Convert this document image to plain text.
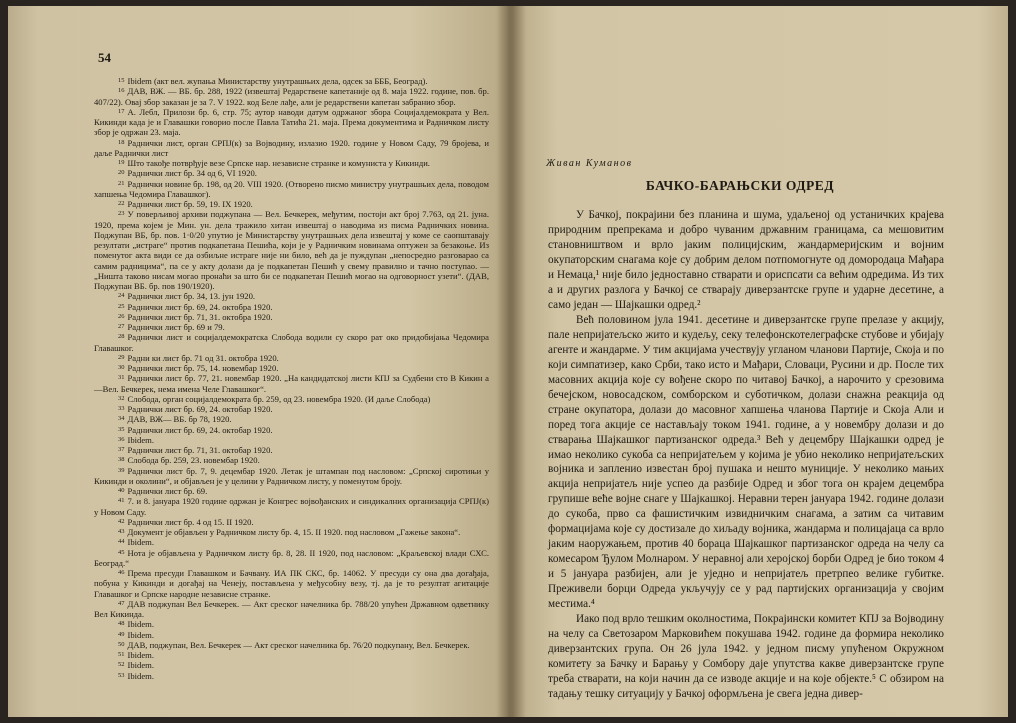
54

$^{15}$ Ibidem (акт вел. жупања Министарству унутрашњих дела, одсек за БББ, Београд).

$^{16}$ ДАВ, ВЖ. — ВБ. бр. 288, 1922 (извештај Редарствене капетаније од 8. маја 1922. године, пов. бр. 407/22). Овај збор заказан је за 7. V 1922. код Беле лађе, али је редарствени капетан забранио збор.

$^{17}$ А. Лебл, Прилози бр. 6, стр. 75; аутор наводи датум одржаног збора Социјалдемократа у Вел. Кикинди када је и Главашки говорио после Павла Татића 21. маја. Према документима и Радничком листу збор је одржан 23. маја.

$^{18}$ Раднички лист, орган СРПЈ(к) за Војводину, излазио 1920. године у Новом Саду, 79 бројева, и даље Раднички лист

$^{19}$ Што такође потврђује везе Српске нар. независне странке и комуниста у Кикинди.

$^{20}$ Раднички лист бр. 34 од 6, VI 1920.

$^{21}$ Раднички новине бр. 198, од 20. VIII 1920. (Отворено писмо министру унутрашњих дела, поводом хапшења Чедомира Главашког).

$^{22}$ Раднички лист бр. 59, 19. IX 1920.

$^{23}$ У поверљивој архиви поджупана — Вел. Бечкерек, међутим, постоји акт број 7.763, од 21. јуна. 1920, према којем је Мин. ун. дела тражило хитан извештај о наводима из писма Радничких новина. Поджупан ВБ, бр. пов. 1·0/20 упутио је Министарству унутрашњих дела извештај у коме се саопштавају резултати „истраге“ против подкапетана Пешића, који је у Радничким новинама оптужен за безакоње. Из поменутог акта види се да озбиљне истраге није ни било, већ да је пуждупан „непосредно разговарао са самим радницима“, па се у акту долази да је подкапетан Пешић у свему правилно и тачно поступао. — „Ништа таково нисам могао пронаћи за што би се подкапетан Пешић могао на одговорност узети“. (ДАВ, Поджупан ВБ. бр. пов 190/1920).

$^{24}$ Раднички лист бр. 34, 13. јун 1920.

$^{25}$ Раднички лист бр. 69, 24. октобра 1920.

$^{26}$ Раднички лист бр. 71, 31. октобра 1920.

$^{27}$ Раднички лист бр. 69 и 79.

$^{28}$ Раднички лист и социјалдемократска Слобода водили су скоро рат око придобијања Чедомира Главашког.

$^{29}$ Радни ки лист бр. 71 од 31. октобра 1920.

$^{30}$ Раднички лист бр. 75, 14. новембар 1920.

$^{31}$ Раднички лист бр. 77, 21. новембар 1920. „На кандидатској листи КПЈ за Судбени сто В Кикин а—Вел. Бечкерек, нема имена Челе Главашког“.

$^{32}$ Слобода, орган социјалдемократа бр. 259, од 23. новембра 1920. (И даље Слобода)

$^{33}$ Раднички лист бр. 69, 24. октобар 1920.

$^{34}$ ДАВ, ВЖ— ВБ. бр 78, 1920.

$^{35}$ Раднички лист бр. 69, 24. октобар 1920.

$^{36}$ Ibidem.

$^{37}$ Раднички лист бр. 71, 31. октобар 1920.

$^{38}$ Слобода бр. 259, 23. новембар 1920.

$^{39}$ Раднички лист бр. 7, 9. децембар 1920. Летак је штампан под насловом: „Српској сиротињи у Кикинди и околини“, и објављен је у целини у Радничком листу, у поменутом броју.

$^{40}$ Раднички лист бр. 69.

$^{41}$ 7. и 8. јануара 1920 године одржан је Конгрес војвођанских и синдикалних организација СРПЈ(к) у Новом Саду.

$^{42}$ Раднички лист бр. 4 од 15. II 1920.

$^{43}$ Документ је објављен у Радничком листу бр. 4, 15. II 1920. под насловом „Гажење закона“.

$^{44}$ Ibidem.

$^{45}$ Нота је објављена у Радничком листу бр. 8, 28. II 1920, под насловом: „Краљевској влади СХС. Београд.“

$^{46}$ Према пресуди Главашком и Бачвану. ИА ПК СКС, бр. 14062. У пресуди су она два догађаја, побуна у Кикинди и догађај на Ченеју, постављена у међусобну везу, тј. да је то резултат агитације Главашког и Српске народне независне странке.

$^{47}$ ДАВ поджупан Вел Бечкерек. — Акт среског начелника бр. 788/20 упућен Државном одветнику Вел Кикинда.

$^{48}$ Ibidem.

$^{49}$ Ibidem.

$^{50}$ ДАВ, поджупан, Вел. Бечкерек — Акт среског начелника бр. 76/20 подкупану, Вел. Бечкерек.

$^{51}$ Ibidem.

$^{52}$ Ibidem.

$^{53}$ Ibidem.

Живан Куманов
БАЧКО-БАРАЊСКИ ОДРЕД

У Бачкој, покрајини без планина и шума, удаљеној од устаничких крајева природним препрекама и добро чуваним државним границама, са мешовитим становништвом и врло јаким полицијским, жандармеријским и војним окупаторским снагама које су добрим делом потпомогнуте од домородаца Мађара и Немаца,¹ није било једноставно стварати и ориспсати са већим одредима. Из тих а и других разлога у Бачкој се стварају диверзантске групе и ударне десетине, а само један — Шајкашки одред.²

Већ половином јула 1941. десетине и диверзантске групе прелазе у акцију, пале непријатељско жито и кудељу, секу телефонскотелеграфске стубове и убијају агенте и жандарме. У тим акцијама учествују угланом чланови Партије, Скоја и по који симпатизер, како Срби, тако исто и Мађари, Словаци, Русини и др. После тих масовних акција које су вођене скоро по читавој Бачкој, а нарочито у срезовима бечејском, новосадском, сомборском и суботичком, долази снажна реакција од стране окупатора, долази до масовног хапшења чланова Партије и Скоја Али и поред тога акције се настављају током 1941. године, а у новембру долази и до стварања Шајкашког партизанског одреда.³ Већ у децембру Шајкашки одред је имао неколико сукоба са непријатељем у којима је убио неколико непријатељских војника и запленио известан број пушака и нешто муниције. У неколико мањих акција непријатељ није успео да разбије Одред и због тога он крајем децембра групише веће војне снаге у Шајкашкој. Неравни терен јануара 1942. године долази до сукоба, прво са фашистичким извидничким снагама, а затим са читавим формацијама које су достизале до хиљаду војника, жандарма и полицајаца са врло јаким наоружањем, против 40 бораца Шајкашког партизанског одреда на челу са комесаром Ђулом Молнаром. У неравној али херојској борби Одред је био током 4 и 5 јануара разбијен, али је уједно и непријатељ претрпео велике губитке. Преживели борци Одреда укључују се у рад партијских организација у својим местима.⁴

Иако под врло тешким околностима, Покрајински комитет КПЈ за Војводину на челу са Светозаром Марковићем покушава 1942. године да формира неколико диверзантских група. Он 26 јула 1942. у једном писму упућеном Окружном комитету за Бачку и Барању у Сомбору даје упутства какве диверзантске групе треба стварати, на који начин да се изводе акције и на које објекте.⁵ С обзиром на тадању тешку ситуацију у Бачкој оформљена је свега једна дивер-
